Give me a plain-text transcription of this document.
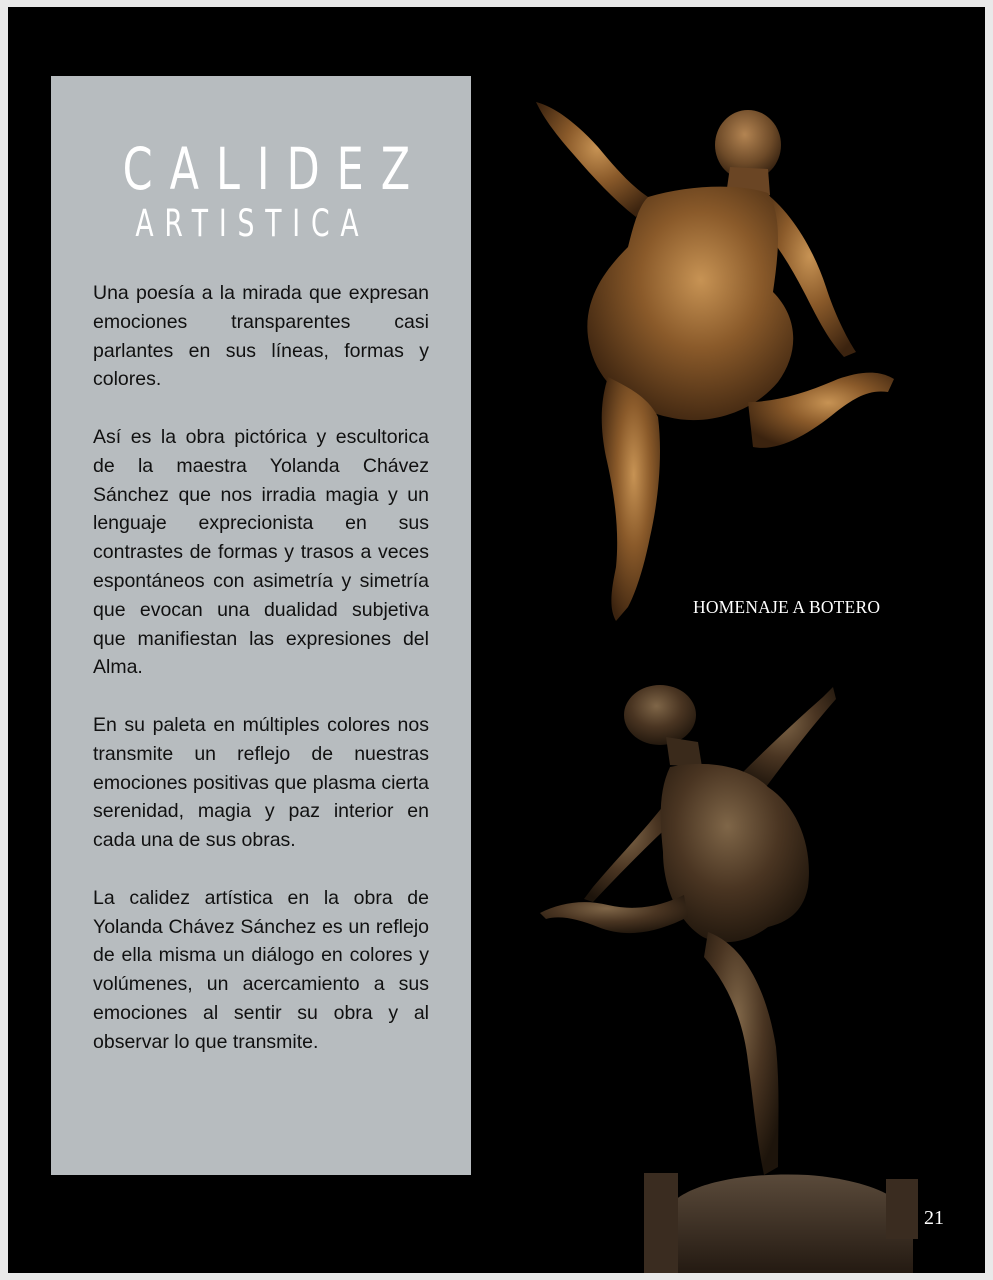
CALIDEZ
ARTISTICA

Una poesía a la mirada que expresan emociones transparentes casi parlantes en sus líneas, formas y colores.

Así es la obra pictórica y escultorica de la maestra Yolanda Chávez Sánchez que nos irradia magia y un lenguaje exprecionista en sus contrastes de formas y trasos a veces espontáneos con asimetría y simetría que evocan una dualidad subjetiva que manifiestan las expresiones del Alma.

En su paleta en múltiples colores nos transmite un reflejo de nuestras emociones positivas que plasma cierta serenidad, magia y paz interior en cada una de sus obras.

La calidez artística en la obra de Yolanda Chávez Sánchez es un reflejo de ella misma un diálogo en colores y volúmenes, un acercamiento a sus emociones al sentir su obra y al observar lo que transmite.

HOMENAJE A BOTERO
21
